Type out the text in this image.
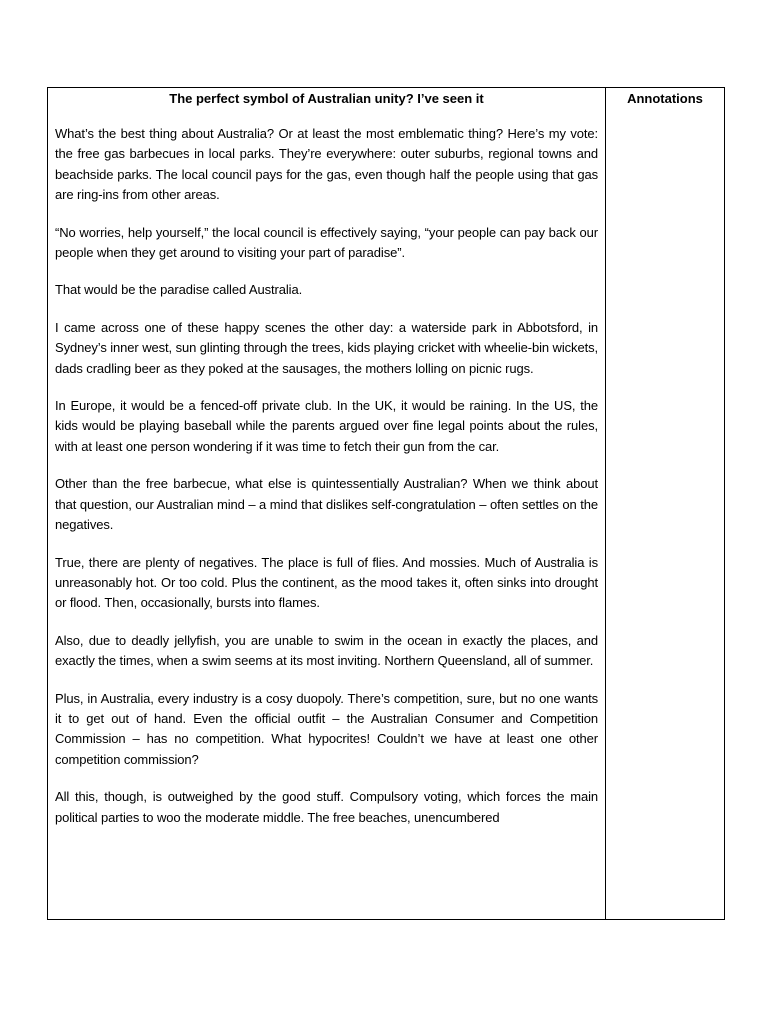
The perfect symbol of Australian unity? I’ve seen it

What’s the best thing about Australia? Or at least the most emblematic thing? Here’s my vote: the free gas barbecues in local parks. They’re everywhere: outer suburbs, regional towns and beachside parks. The local council pays for the gas, even though half the people using that gas are ring-ins from other areas.

“No worries, help yourself,” the local council is effectively saying, “your people can pay back our people when they get around to visiting your part of paradise”.

That would be the paradise called Australia.

I came across one of these happy scenes the other day: a waterside park in Abbotsford, in Sydney’s inner west, sun glinting through the trees, kids playing cricket with wheelie-bin wickets, dads cradling beer as they poked at the sausages, the mothers lolling on picnic rugs.

In Europe, it would be a fenced-off private club. In the UK, it would be raining. In the US, the kids would be playing baseball while the parents argued over fine legal points about the rules, with at least one person wondering if it was time to fetch their gun from the car.

Other than the free barbecue, what else is quintessentially Australian? When we think about that question, our Australian mind – a mind that dislikes self-congratulation – often settles on the negatives.

True, there are plenty of negatives. The place is full of flies. And mossies. Much of Australia is unreasonably hot. Or too cold. Plus the continent, as the mood takes it, often sinks into drought or flood. Then, occasionally, bursts into flames.

Also, due to deadly jellyfish, you are unable to swim in the ocean in exactly the places, and exactly the times, when a swim seems at its most inviting. Northern Queensland, all of summer.

Plus, in Australia, every industry is a cosy duopoly. There’s competition, sure, but no one wants it to get out of hand. Even the official outfit – the Australian Consumer and Competition Commission – has no competition. What hypocrites! Couldn’t we have at least one other competition commission?

All this, though, is outweighed by the good stuff. Compulsory voting, which forces the main political parties to woo the moderate middle. The free beaches, unencumbered

Annotations
